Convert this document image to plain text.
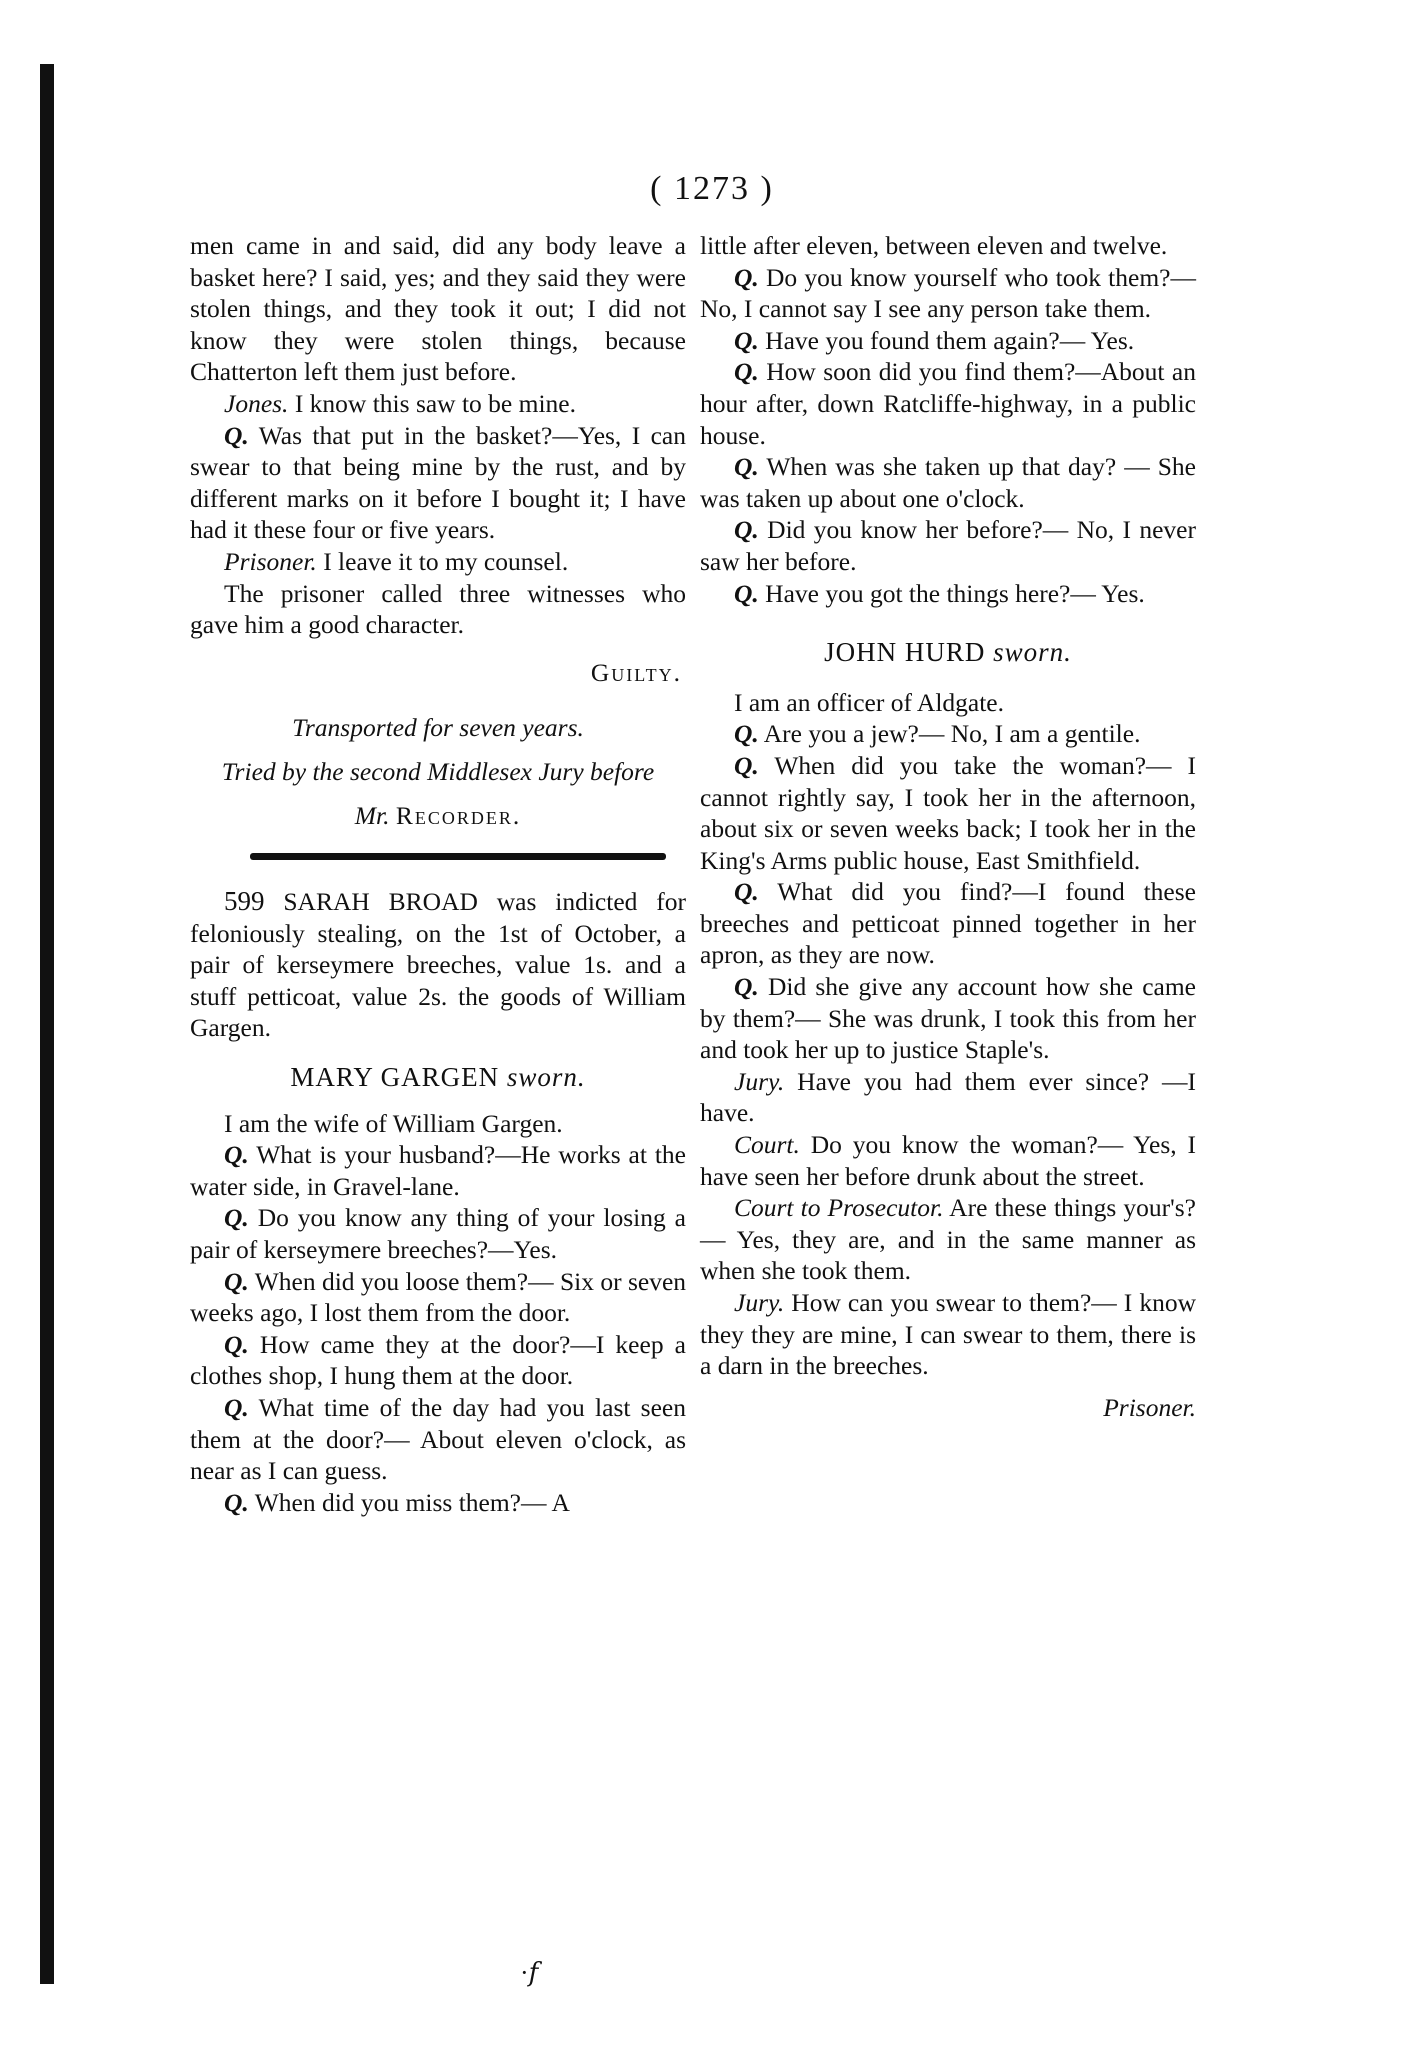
( 1273 )

men came in and said, did any body leave a basket here? I said, yes; and they said they were stolen things, and they took it out; I did not know they were stolen things, because Chatterton left them just before.

Jones. I know this saw to be mine.

Q. Was that put in the basket?—Yes, I can swear to that being mine by the rust, and by different marks on it before I bought it; I have had it these four or five years.

Prisoner. I leave it to my counsel.

The prisoner called three witnesses who gave him a good character.

Guilty.

Transported for seven years.

Tried by the second Middlesex Jury before

Mr. Recorder.

599 SARAH BROAD was indicted for feloniously stealing, on the 1st of October, a pair of kerseymere breeches, value 1s. and a stuff petticoat, value 2s. the goods of William Gargen.

MARY GARGEN sworn.

I am the wife of William Gargen.

Q. What is your husband?—He works at the water side, in Gravel-lane.

Q. Do you know any thing of your losing a pair of kerseymere breeches?—Yes.

Q. When did you loose them?— Six or seven weeks ago, I lost them from the door.

Q. How came they at the door?—I keep a clothes shop, I hung them at the door.

Q. What time of the day had you last seen them at the door?— About eleven o'clock, as near as I can guess.

Q. When did you miss them?— A

little after eleven, between eleven and twelve.

Q. Do you know yourself who took them?—No, I cannot say I see any person take them.

Q. Have you found them again?— Yes.

Q. How soon did you find them?—About an hour after, down Ratcliffe-highway, in a public house.

Q. When was she taken up that day? — She was taken up about one o'clock.

Q. Did you know her before?— No, I never saw her before.

Q. Have you got the things here?— Yes.

JOHN HURD sworn.

I am an officer of Aldgate.

Q. Are you a jew?— No, I am a gentile.

Q. When did you take the woman?— I cannot rightly say, I took her in the afternoon, about six or seven weeks back; I took her in the King's Arms public house, East Smithfield.

Q. What did you find?—I found these breeches and petticoat pinned together in her apron, as they are now.

Q. Did she give any account how she came by them?— She was drunk, I took this from her and took her up to justice Staple's.

Jury. Have you had them ever since? —I have.

Court. Do you know the woman?— Yes, I have seen her before drunk about the street.

Court to Prosecutor. Are these things your's?— Yes, they are, and in the same manner as when she took them.

Jury. How can you swear to them?— I know they they are mine, I can swear to them, there is a darn in the breeches.

Prisoner.

·𝑓
